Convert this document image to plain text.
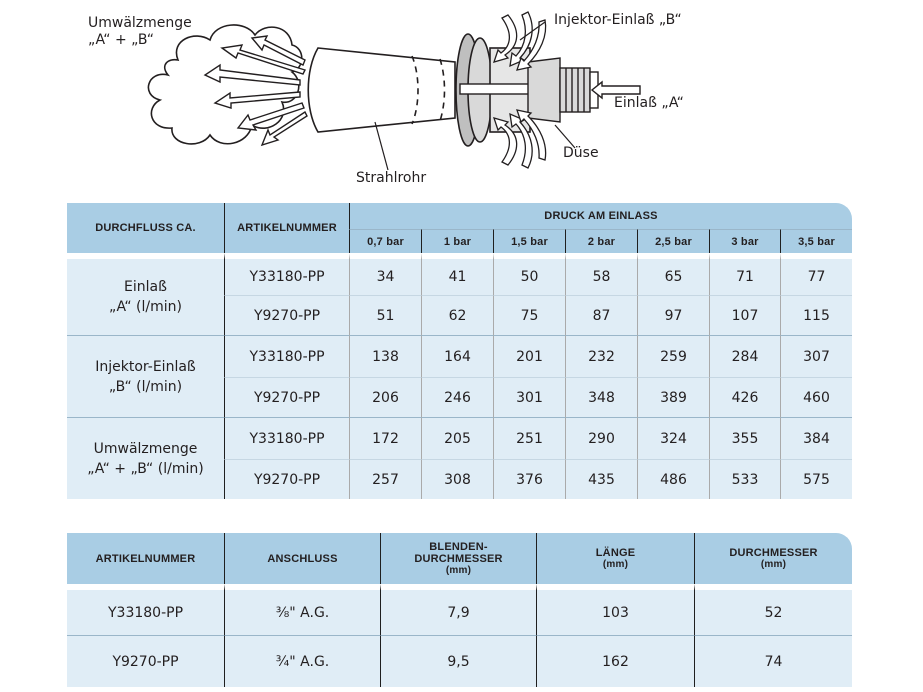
Umwälzmenge
„A“ + „B“
Injektor-Einlaß „B“
Einlaß „A“
Düse
Strahlrohr
DURCHFLUSS CA.	ARTIKELNUMMER	DRUCK AM EINLASS						
		0,7 bar	1 bar	1,5 bar	2 bar	2,5 bar	3 bar	3,5 bar

Einlaß
„A“ (l/min)	Y33180-PP	34	41	50	58	65	71	77
	Y9270-PP	51	62	75	87	97	107	115

Injektor-Einlaß
„B“ (l/min)	Y33180-PP	138	164	201	232	259	284	307
	Y9270-PP	206	246	301	348	389	426	460

Umwälzmenge
„A“ + „B“ (l/min)	Y33180-PP	172	205	251	290	324	355	384
	Y9270-PP	257	308	376	435	486	533	575
ARTIKELNUMMER	ANSCHLUSS	BLENDEN-
DURCHMESSER
(mm)	LÄNGE
(mm)	DURCHMESSER
(mm)

Y33180-PP	⅜" A.G.	7,9	103	52
Y9270-PP	¾" A.G.	9,5	162	74
